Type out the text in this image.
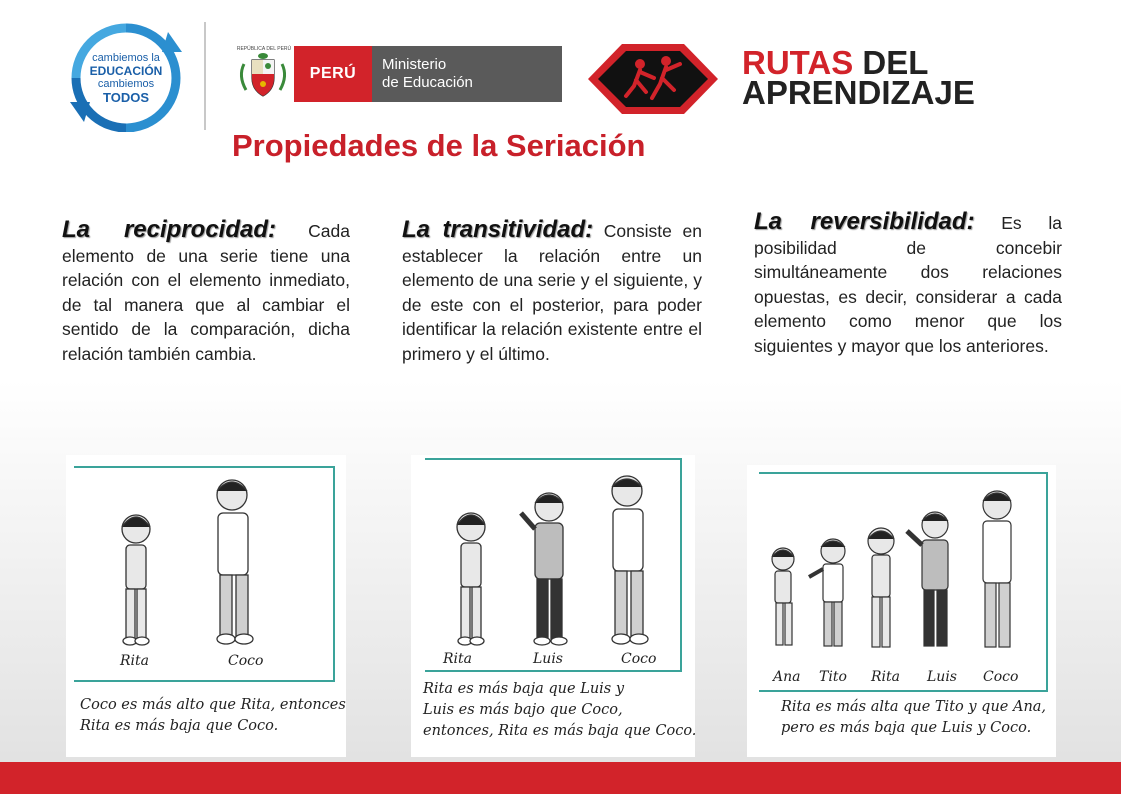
cambiemos la
EDUCACIÓN
cambiemos
TODOS
REPÚBLICA DEL PERÚ
PERÚ
Ministerio
de Educación
RUTAS DEL
APRENDIZAJE
Propiedades de la Seriación
La reciprocidad: Cada elemento de una serie tiene una relación con el elemento inmediato, de tal manera que al cambiar el sentido de la comparación, dicha relación también cambia.
La transitividad: Consiste en establecer la relación entre un elemento de una serie y el siguiente, y de este con el posterior, para poder identificar la relación existente entre el primero y el último.
La reversibilidad: Es la posibilidad de concebir simultáneamente dos relaciones opuestas, es decir, considerar a cada elemento como menor que los siguientes y mayor que los anteriores.
Rita	Coco
Coco es más alto que Rita, entonces
Rita es más baja que Coco.
Rita	Luis	Coco
Rita es más baja que Luis y
Luis es más bajo que Coco,
entonces, Rita es más baja que Coco.
Ana Tito Rita Luis Coco
Rita es más alta que Tito y que Ana,
pero es más baja que Luis y Coco.
